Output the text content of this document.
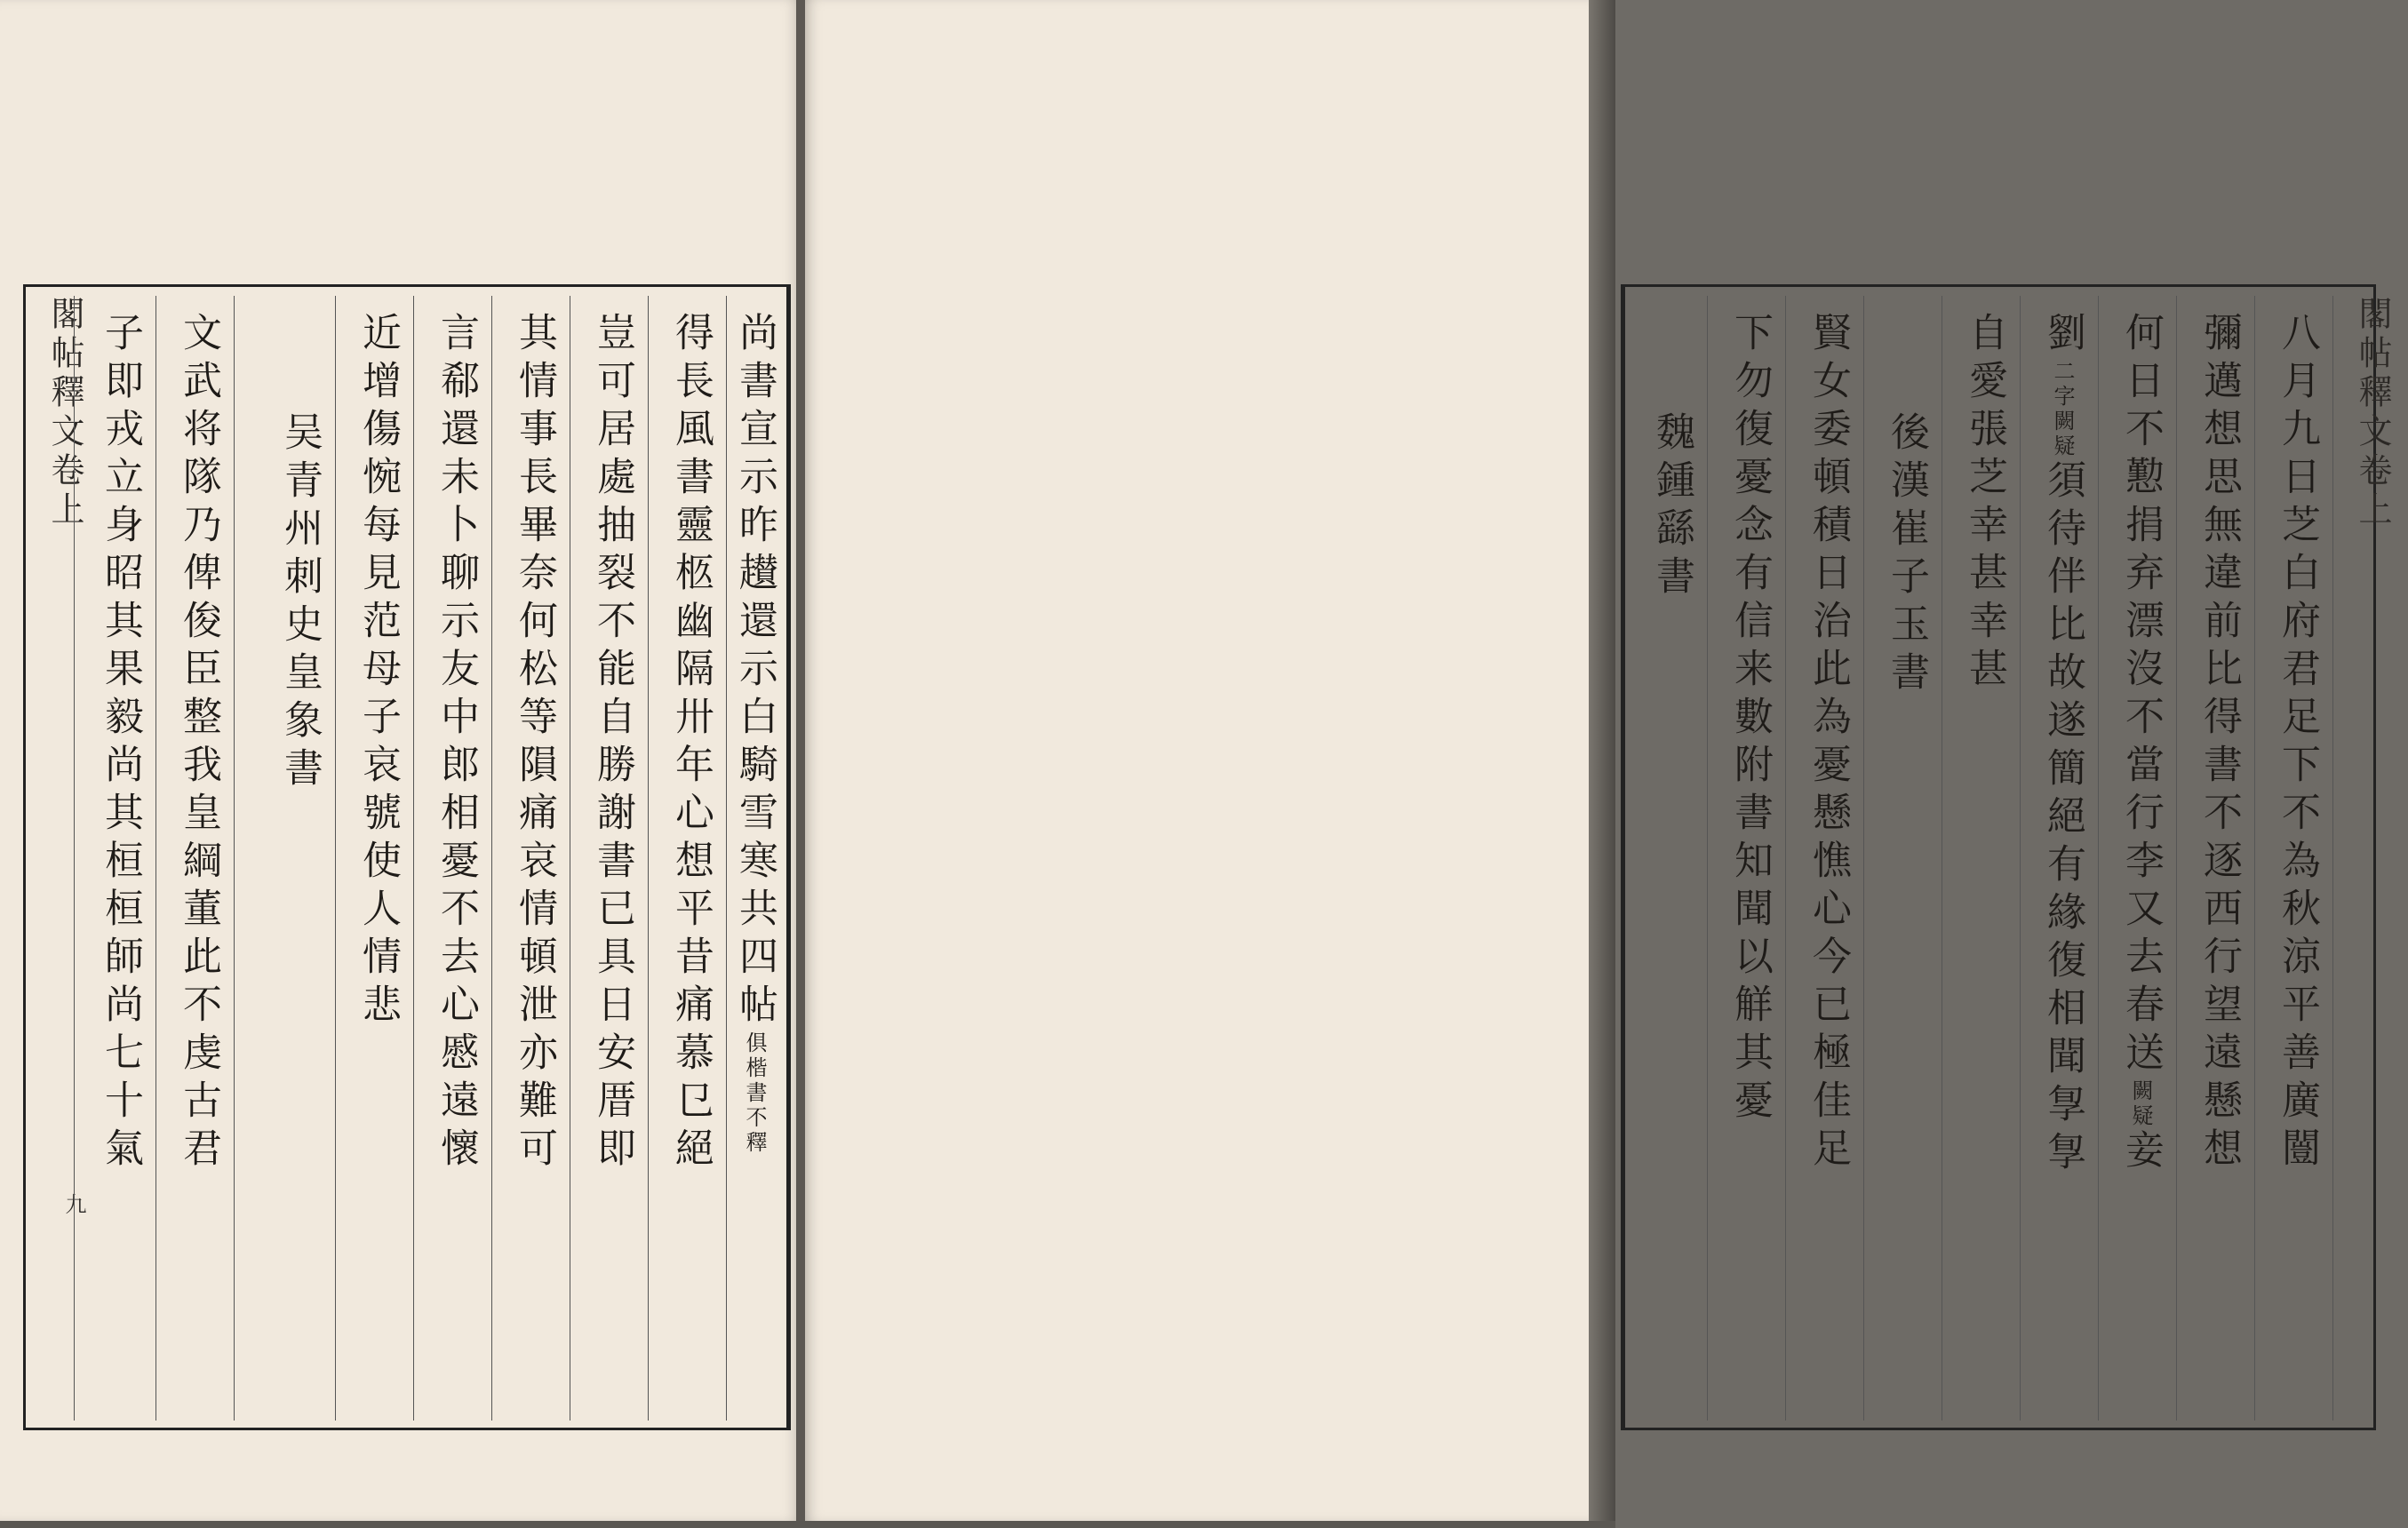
閣帖釋文卷上
九
尚書宣示昨䟎還示白騎雪寒共四帖俱楷書不釋
得長風書靈柩幽隔卅年心想平昔痛慕㔾絕
豈可居處抽裂不能自勝謝書已具日安厝即
其情事長畢奈何松等隕痛哀情頓泄亦難可
言郗還未卜聊示友中郎相憂不去心慼遠懷
近增傷惋每見范母子哀號使人情悲
吴青州刺史皇象書
文武将隊乃俾俊臣整我皇綱董此不虔古君
子即戎立身昭其果毅尚其桓桓師尚七十氣	閣帖釋文卷上
八月九日芝白府君足下不為秋涼平善廣闓
彌邁想思無違前比得書不逐西行望遠懸想
何日不懃捐弃漂沒不當行李又去春送闕疑妾
劉二字闕疑須待伴比故遂簡絕有緣復相聞㝁㝁
自愛張芝幸甚幸甚
後漢崔子玉書
賢女委頓積日治此為憂懸憔心今已極佳足
下勿復憂念有信来數附書知聞以觧其憂
魏鍾繇書
